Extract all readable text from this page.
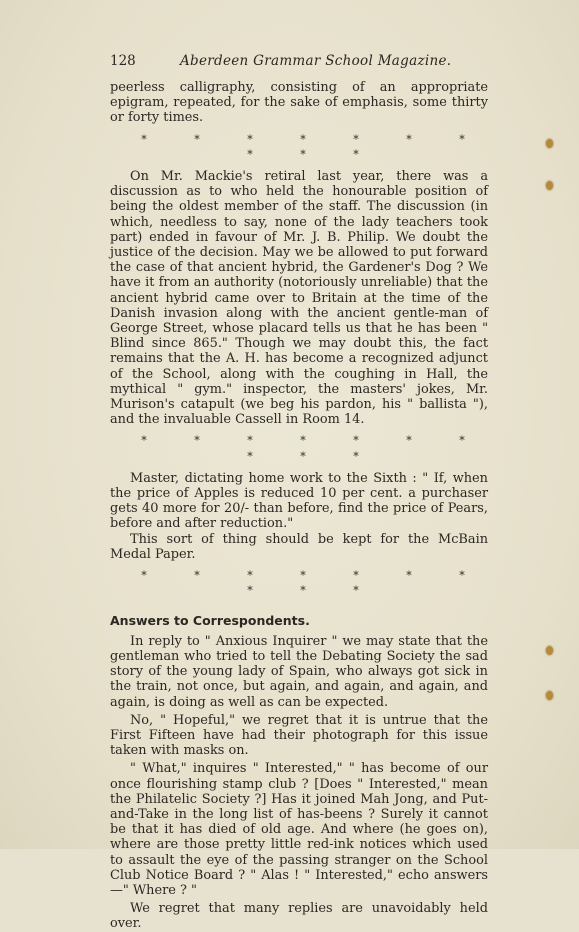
128	Aberdeen Grammar School Magazine.

peerless calligraphy, consisting of an appropriate epigram, repeated, for the sake of emphasis, some thirty or forty times.

* * * * * * * * * *

On Mr. Mackie's retiral last year, there was a discussion as to who held the honourable position of being the oldest member of the staff. The discussion (in which, needless to say, none of the lady teachers took part) ended in favour of Mr. J. B. Philip. We doubt the justice of the decision. May we be allowed to put forward the case of that ancient hybrid, the Gardener's Dog ? We have it from an authority (notoriously unreliable) that the ancient hybrid came over to Britain at the time of the Danish invasion along with the ancient gentle-man of George Street, whose placard tells us that he has been " Blind since 865." Though we may doubt this, the fact remains that the A. H. has become a recognized adjunct of the School, along with the coughing in Hall, the mythical " gym." inspector, the masters' jokes, Mr. Murison's catapult (we beg his pardon, his " ballista "), and the invaluable Cassell in Room 14.

* * * * * * * * * *

Master, dictating home work to the Sixth : " If, when the price of Apples is reduced 10 per cent. a purchaser gets 40 more for 20/- than before, find the price of Pears, before and after reduction."

This sort of thing should be kept for the McBain Medal Paper.

* * * * * * * * * *

Answers to Correspondents.

In reply to " Anxious Inquirer " we may state that the gentleman who tried to tell the Debating Society the sad story of the young lady of Spain, who always got sick in the train, not once, but again, and again, and again, and again, is doing as well as can be expected.

No, " Hopeful," we regret that it is untrue that the First Fifteen have had their photograph for this issue taken with masks on.

" What," inquires " Interested," " has become of our once flourishing stamp club ? [Does " Interested," mean the Philatelic Society ?] Has it joined Mah Jong, and Put-and-Take in the long list of has-beens ? Surely it cannot be that it has died of old age. And where (he goes on), where are those pretty little red-ink notices which used to assault the eye of the passing stranger on the School Club Notice Board ? " Alas ! " Interested," echo answers—" Where ? "

We regret that many replies are unavoidably held over.
